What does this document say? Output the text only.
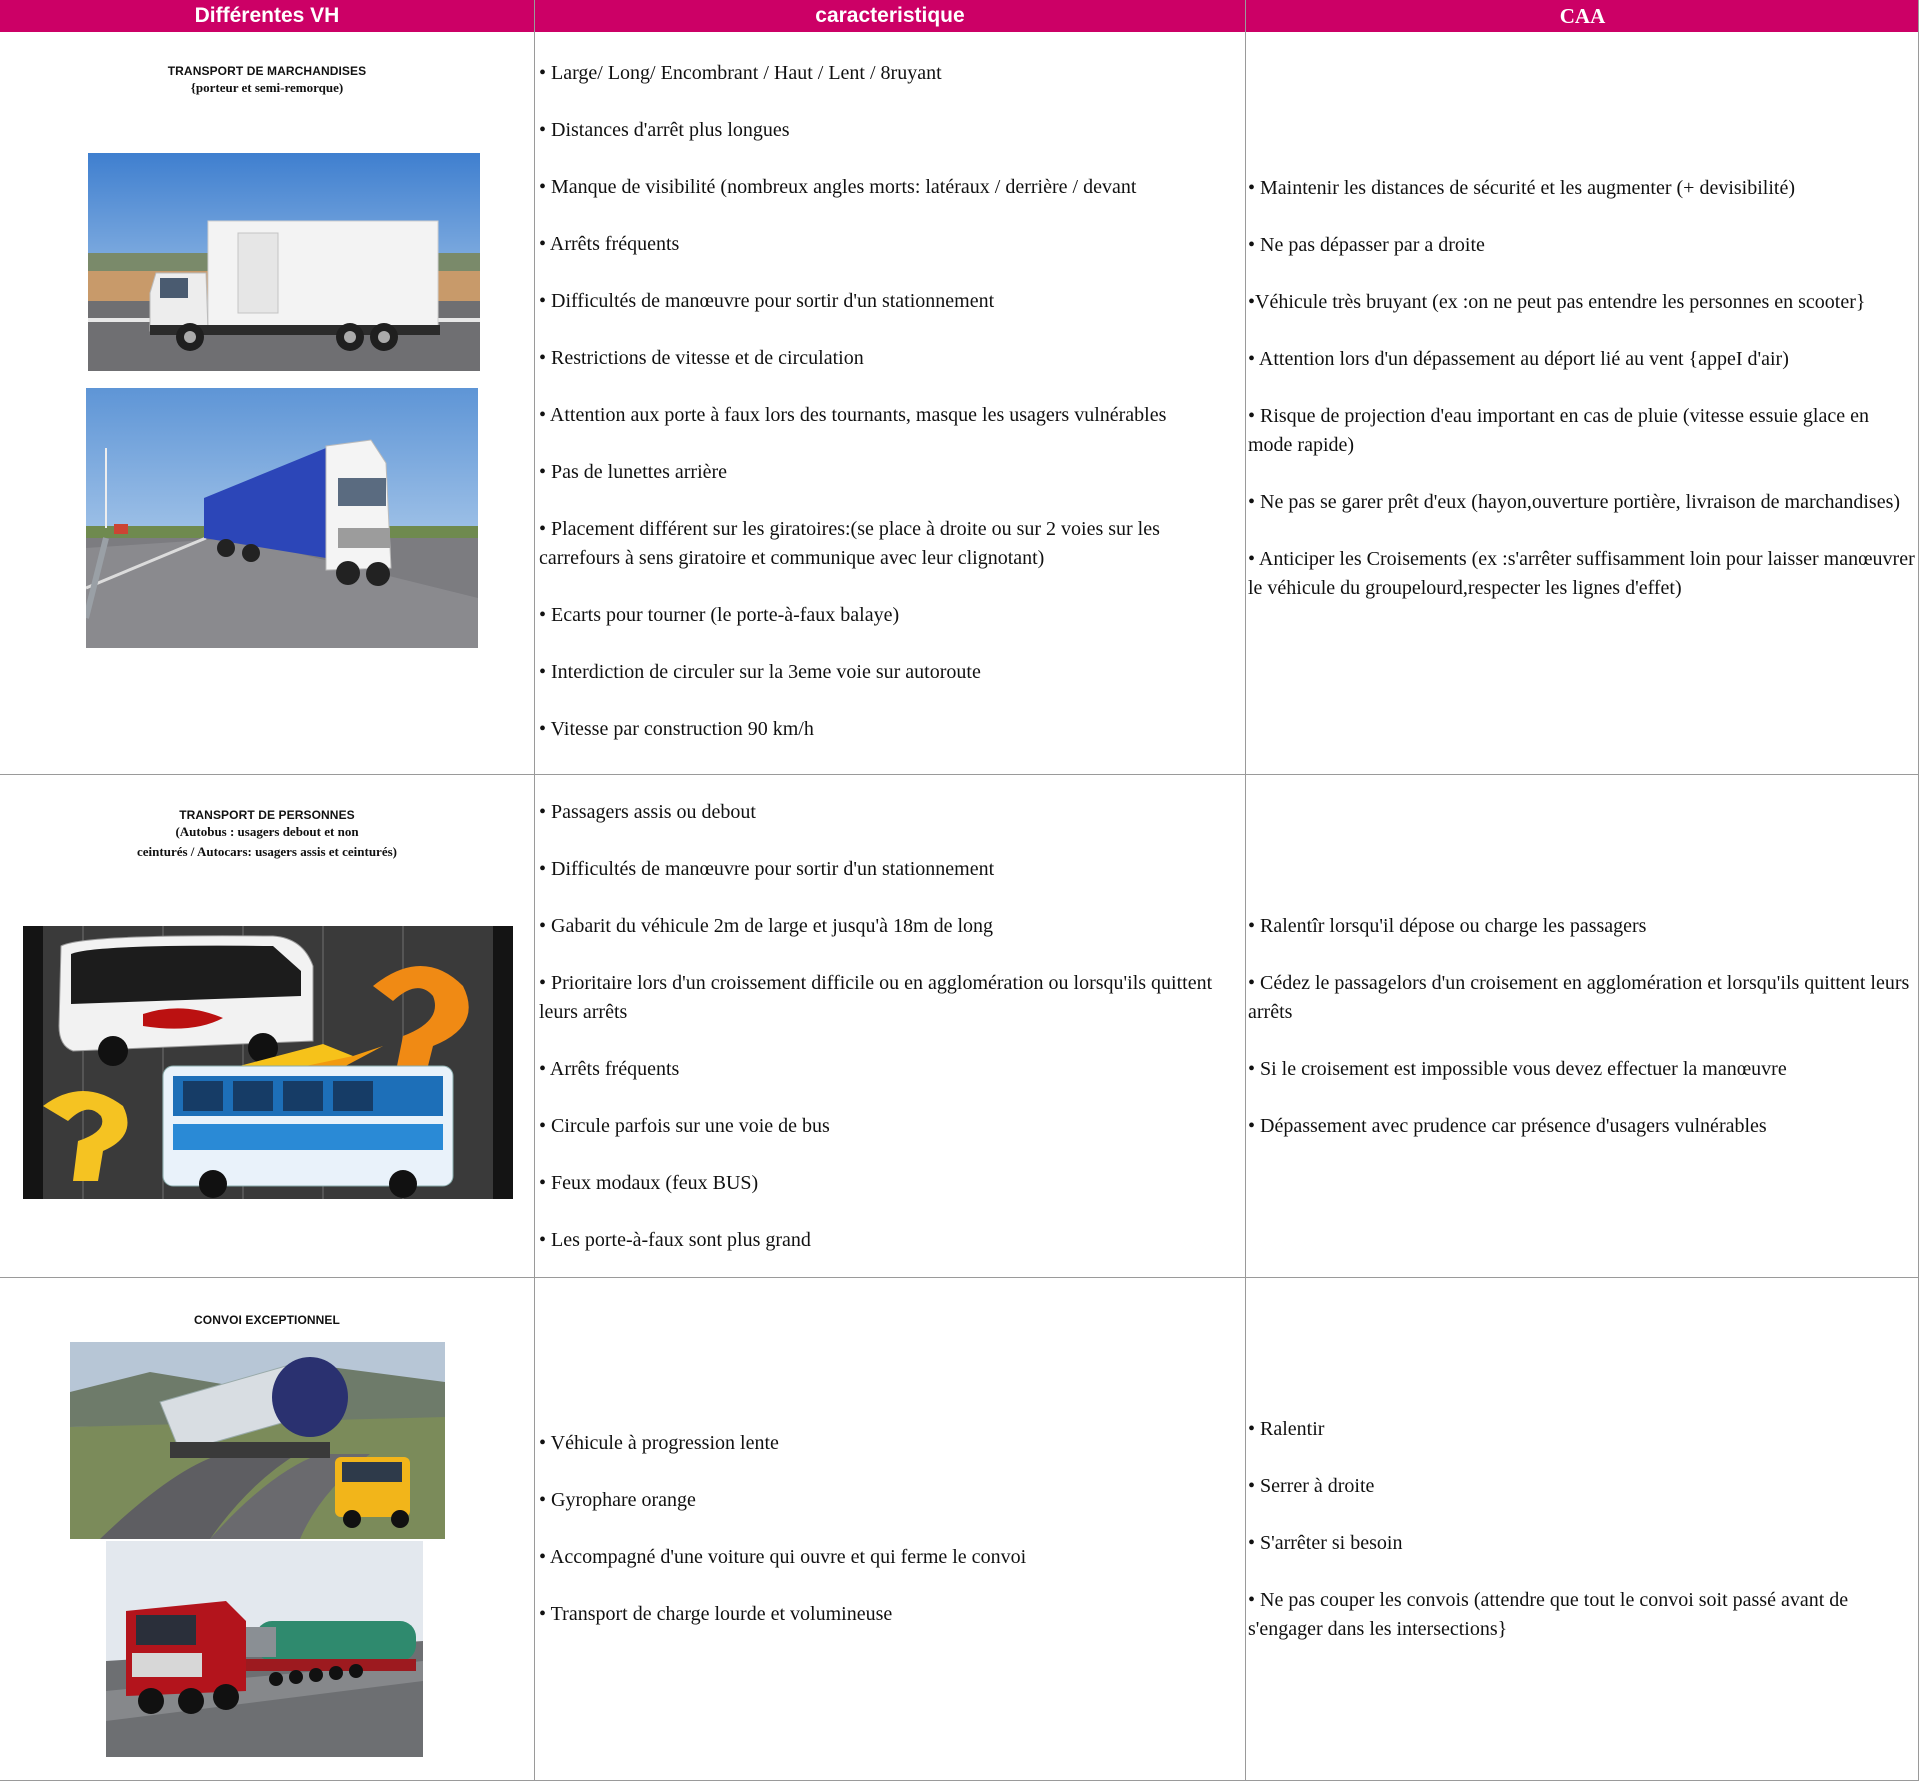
Différentes VH	caracteristique	CAA
TRANSPORT DE MARCHANDISES
{porteur et semi-remorque)
• Large/ Long/ Encombrant / Haut / Lent / 8ruyant
• Distances d'arrêt plus longues
• Manque de visibilité (nombreux angles morts: latéraux / derrière / devant
• Arrêts fréquents
• Difficultés de manœuvre pour sortir d'un stationnement
• Restrictions de vitesse et de circulation
• Attention aux porte à faux lors des tournants, masque les usagers vulnérables
• Pas de lunettes arrière
• Placement différent sur les giratoires:(se place à droite ou sur 2 voies sur les carrefours à sens giratoire et communique avec leur clignotant)
• Ecarts pour tourner (le porte-à-faux balaye)
• Interdiction de circuler sur la 3eme voie sur autoroute
• Vitesse par construction 90 km/h
• Maintenir les distances de sécurité et les augmenter (+ devisibilité)
• Ne pas dépasser par a droite
•Véhicule très bruyant (ex :on ne peut pas entendre les personnes en scooter}
• Attention lors d'un dépassement au déport lié au vent {appeI d'air)
• Risque de projection d'eau important en cas de pluie (vitesse essuie glace en mode rapide)
• Ne pas se garer prêt d'eux (hayon,ouverture portière, livraison de marchandises)
• Anticiper les Croisements (ex :s'arrêter suffisamment loin pour laisser manœuvrer le véhicule du groupelourd,respecter les lignes d'effet)
TRANSPORT DE PERSONNES
(Autobus : usagers debout et non
ceinturés / Autocars: usagers assis et ceinturés)
• Passagers assis ou debout
• Difficultés de manœuvre pour sortir d'un stationnement
• Gabarit du véhicule 2m de large et jusqu'à 18m de long
• Prioritaire lors d'un croissement difficile ou en agglomération ou lorsqu'ils quittent leurs arrêts
• Arrêts fréquents
• Circule parfois sur une voie de bus
• Feux modaux (feux BUS)
• Les porte-à-faux sont plus grand
• Ralentîr lorsqu'il dépose ou charge les passagers
• Cédez le passagelors d'un croisement en agglomération et lorsqu'ils quittent leurs arrêts
• Si le croisement est impossible vous devez effectuer la manœuvre
• Dépassement avec prudence car présence d'usagers vulnérables
CONVOI EXCEPTIONNEL
• Véhicule à progression lente
• Gyrophare orange
• Accompagné d'une voiture qui ouvre et qui ferme le convoi
• Transport de charge lourde et volumineuse
• Ralentir
• Serrer à droite
• S'arrêter si besoin
• Ne pas couper les convois (attendre que tout le convoi soit passé avant de s'engager dans les intersections}
